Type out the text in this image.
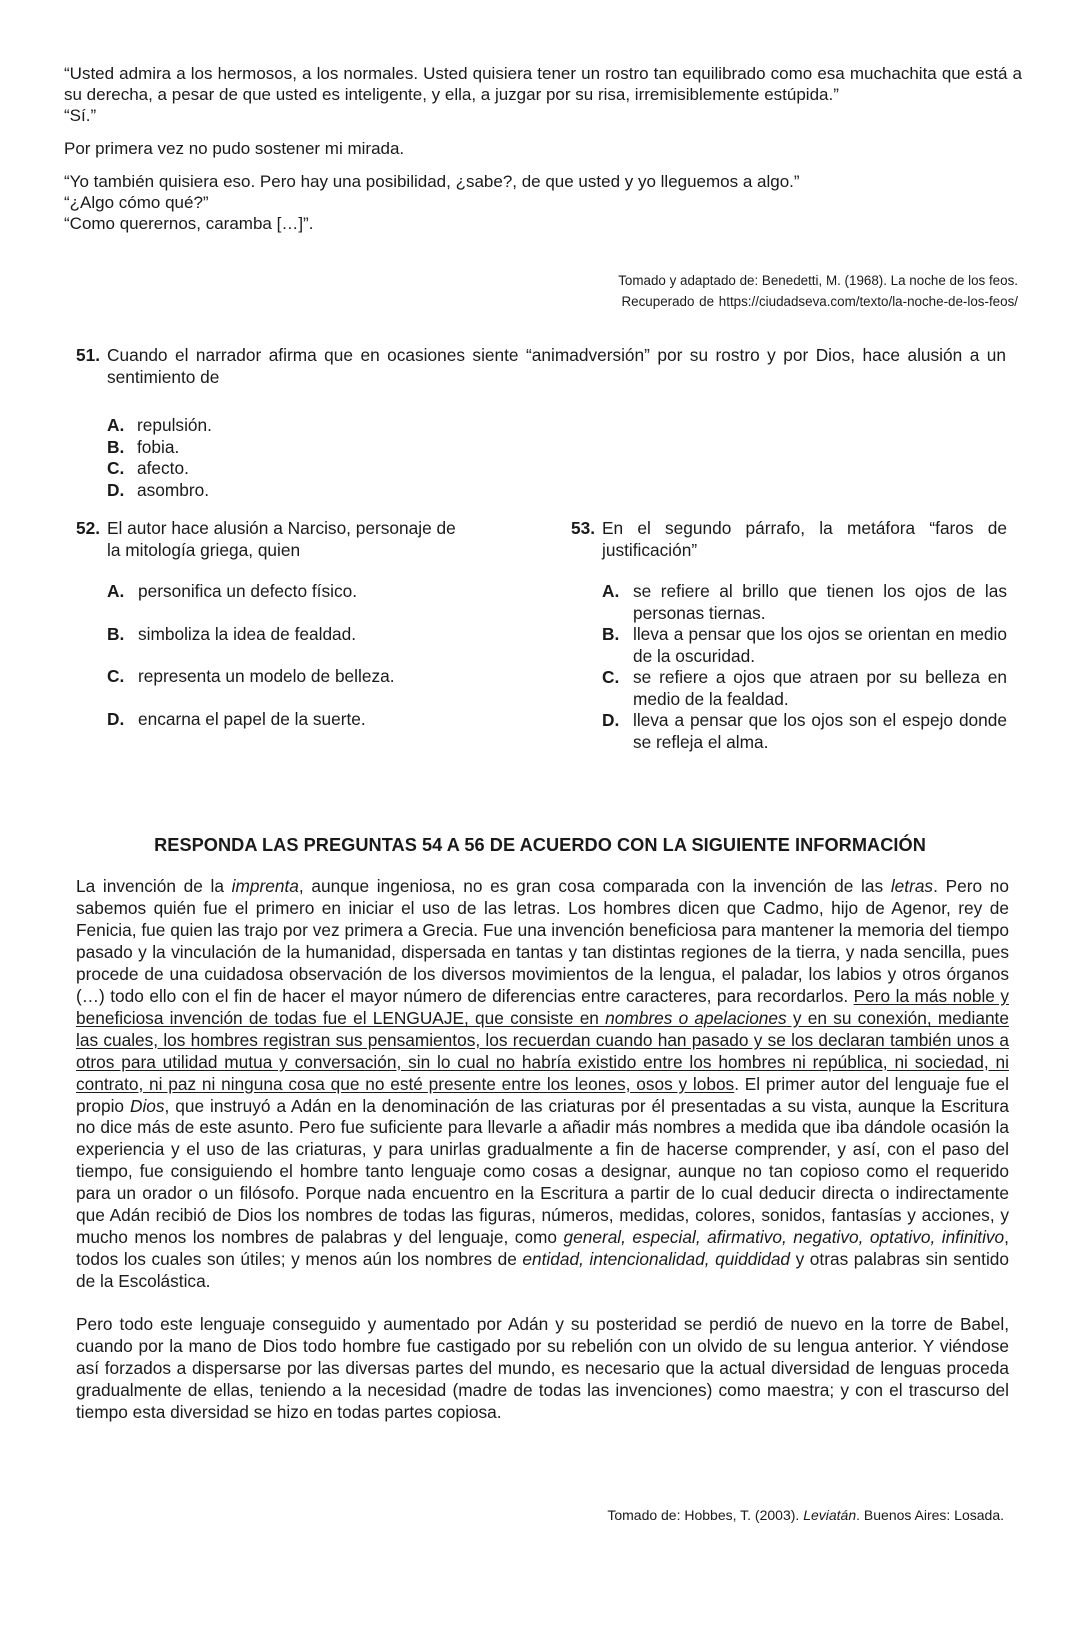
“Usted admira a los hermosos, a los normales. Usted quisiera tener un rostro tan equilibrado como esa muchachita que está a su derecha, a pesar de que usted es inteligente, y ella, a juzgar por su risa, irremisiblemente estúpida.”

“Sí.”

Por primera vez no pudo sostener mi mirada.

“Yo también quisiera eso. Pero hay una posibilidad, ¿sabe?, de que usted y yo lleguemos a algo.”

“¿Algo cómo qué?”

“Como querernos, caramba […]”.

Tomado y adaptado de: Benedetti, M. (1968). La noche de los feos.
Recuperado de https://ciudadseva.com/texto/la-noche-de-los-feos/
51. Cuando el narrador afirma que en ocasiones siente “animadversión” por su rostro y por Dios, hace alusión a un sentimiento de
A. repulsión.
B. fobia.
C. afecto.
D. asombro.
52. El autor hace alusión a Narciso, personaje de
la mitología griega, quien
A. personifica un defecto físico.
B. simboliza la idea de fealdad.
C. representa un modelo de belleza.
D. encarna el papel de la suerte.
53. En el segundo párrafo, la metáfora “faros de justificación”
A. se refiere al brillo que tienen los ojos de las personas tiernas.
B. lleva a pensar que los ojos se orientan en medio de la oscuridad.
C. se refiere a ojos que atraen por su belleza en medio de la fealdad.
D. lleva a pensar que los ojos son el espejo donde se refleja el alma.
RESPONDA LAS PREGUNTAS 54 A 56 DE ACUERDO CON LA SIGUIENTE INFORMACIÓN

La invención de la imprenta, aunque ingeniosa, no es gran cosa comparada con la invención de las letras. Pero no sabemos quién fue el primero en iniciar el uso de las letras. Los hombres dicen que Cadmo, hijo de Agenor, rey de Fenicia, fue quien las trajo por vez primera a Grecia. Fue una invención beneficiosa para mantener la memoria del tiempo pasado y la vinculación de la humanidad, dispersada en tantas y tan distintas regiones de la tierra, y nada sencilla, pues procede de una cuidadosa observación de los diversos movimientos de la lengua, el paladar, los labios y otros órganos (…) todo ello con el fin de hacer el mayor número de diferencias entre caracteres, para recordarlos. Pero la más noble y beneficiosa invención de todas fue el LENGUAJE, que consiste en nombres o apelaciones y en su conexión, mediante las cuales, los hombres registran sus pensamientos, los recuerdan cuando han pasado y se los declaran también unos a otros para utilidad mutua y conversación, sin lo cual no habría existido entre los hombres ni república, ni sociedad, ni contrato, ni paz ni ninguna cosa que no esté presente entre los leones, osos y lobos. El primer autor del lenguaje fue el propio Dios, que instruyó a Adán en la denominación de las criaturas por él presentadas a su vista, aunque la Escritura no dice más de este asunto. Pero fue suficiente para llevarle a añadir más nombres a medida que iba dándole ocasión la experiencia y el uso de las criaturas, y para unirlas gradualmente a fin de hacerse comprender, y así, con el paso del tiempo, fue consiguiendo el hombre tanto lenguaje como cosas a designar, aunque no tan copioso como el requerido para un orador o un filósofo. Porque nada encuentro en la Escritura a partir de lo cual deducir directa o indirectamente que Adán recibió de Dios los nombres de todas las figuras, números, medidas, colores, sonidos, fantasías y acciones, y mucho menos los nombres de palabras y del lenguaje, como general, especial, afirmativo, negativo, optativo, infinitivo, todos los cuales son útiles; y menos aún los nombres de entidad, intencionalidad, quiddidad y otras palabras sin sentido de la Escolástica.

Pero todo este lenguaje conseguido y aumentado por Adán y su posteridad se perdió de nuevo en la torre de Babel, cuando por la mano de Dios todo hombre fue castigado por su rebelión con un olvido de su lengua anterior. Y viéndose así forzados a dispersarse por las diversas partes del mundo, es necesario que la actual diversidad de lenguas proceda gradualmente de ellas, teniendo a la necesidad (madre de todas las invenciones) como maestra; y con el trascurso del tiempo esta diversidad se hizo en todas partes copiosa.

Tomado de: Hobbes, T. (2003). Leviatán. Buenos Aires: Losada.
